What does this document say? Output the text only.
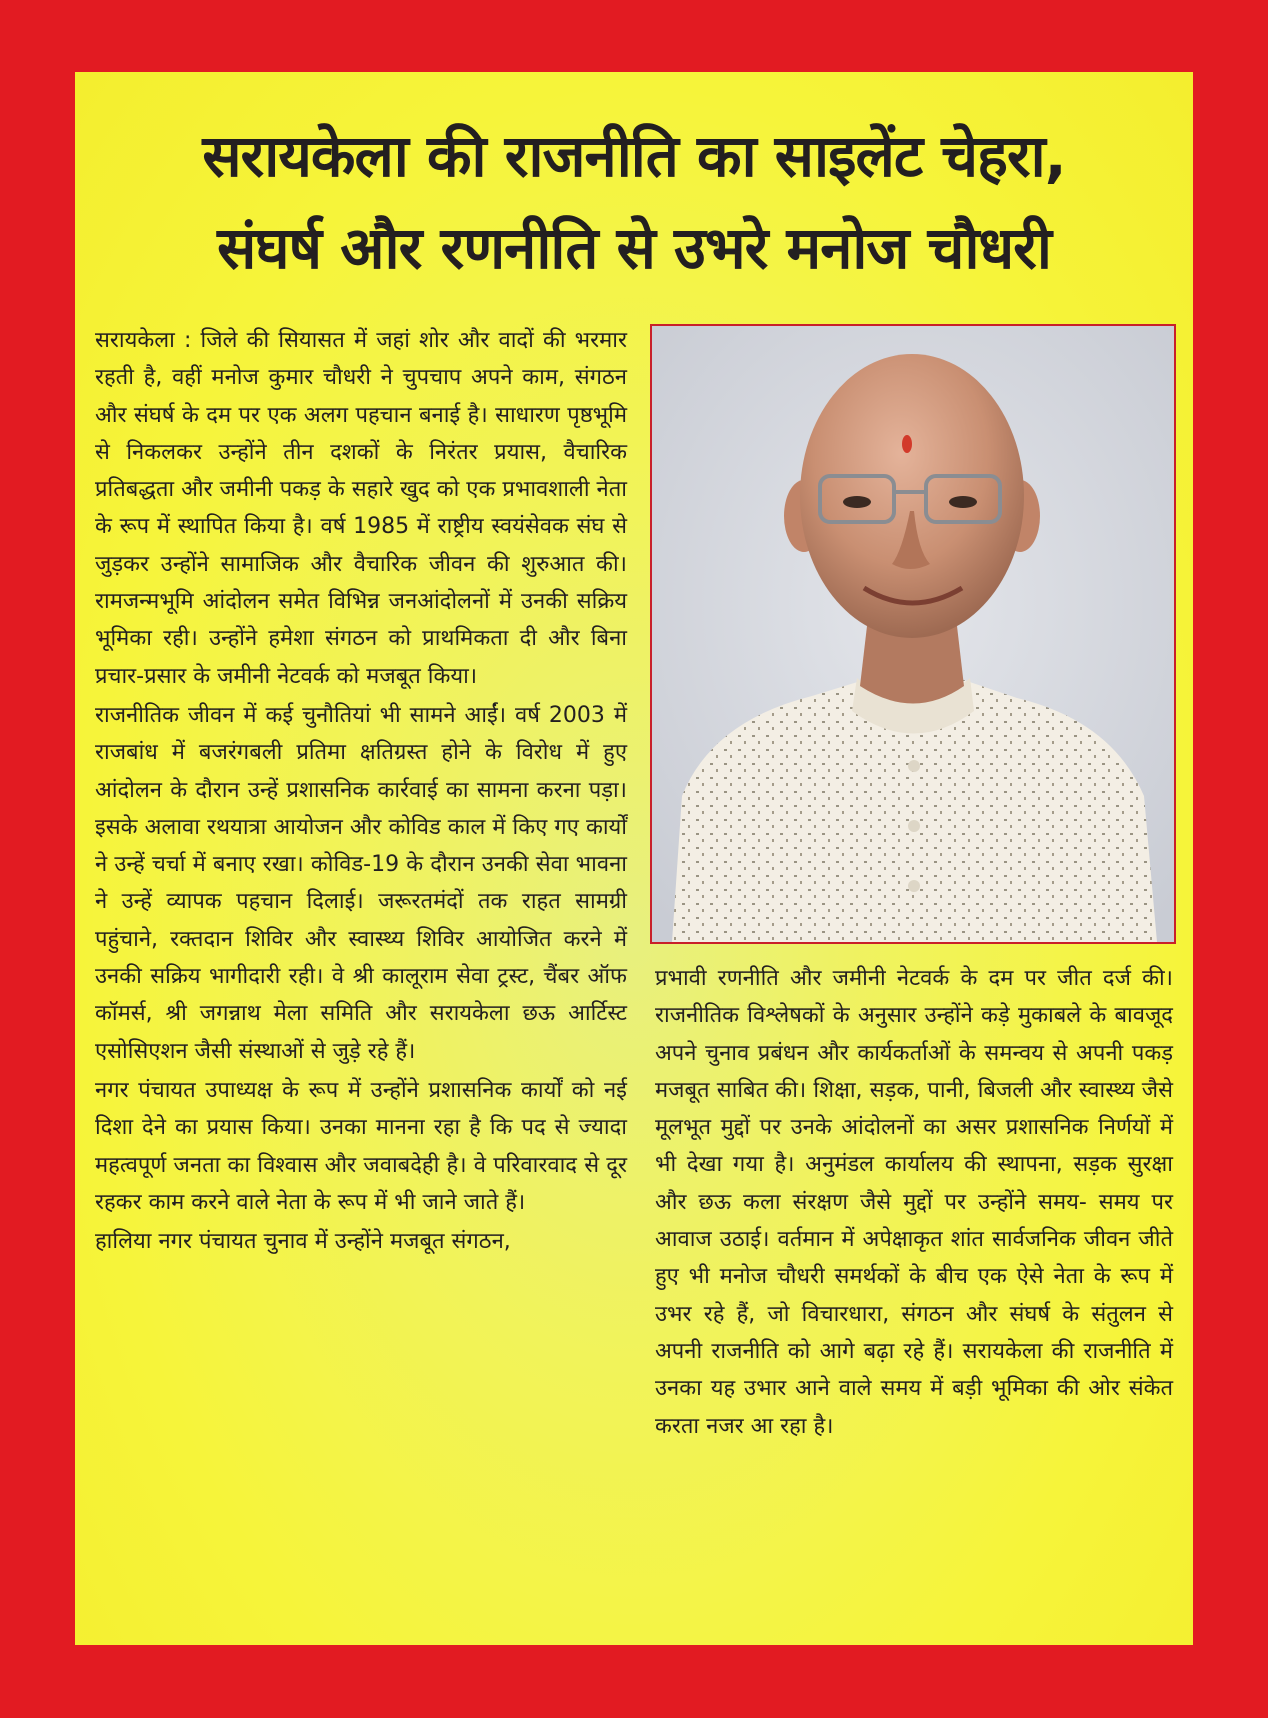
सरायकेला की राजनीति का साइलेंट चेहरा,
संघर्ष और रणनीति से उभरे मनोज चौधरी

सरायकेला : जिले की सियासत में जहां शोर और वादों की भरमार रहती है, वहीं मनोज कुमार चौधरी ने चुपचाप अपने काम, संगठन और संघर्ष के दम पर एक अलग पहचान बनाई है। साधारण पृष्ठभूमि से निकलकर उन्होंने तीन दशकों के निरंतर प्रयास, वैचारिक प्रतिबद्धता और जमीनी पकड़ के सहारे खुद को एक प्रभावशाली नेता के रूप में स्थापित किया है। वर्ष 1985 में राष्ट्रीय स्वयंसेवक संघ से जुड़कर उन्होंने सामाजिक और वैचारिक जीवन की शुरुआत की। रामजन्मभूमि आंदोलन समेत विभिन्न जनआंदोलनों में उनकी सक्रिय भूमिका रही। उन्होंने हमेशा संगठन को प्राथमिकता दी और बिना प्रचार-प्रसार के जमीनी नेटवर्क को मजबूत किया।

राजनीतिक जीवन में कई चुनौतियां भी सामने आईं। वर्ष 2003 में राजबांध में बजरंगबली प्रतिमा क्षतिग्रस्त होने के विरोध में हुए आंदोलन के दौरान उन्हें प्रशासनिक कार्रवाई का सामना करना पड़ा। इसके अलावा रथयात्रा आयोजन और कोविड काल में किए गए कार्यों ने उन्हें चर्चा में बनाए रखा। कोविड-19 के दौरान उनकी सेवा भावना ने उन्हें व्यापक पहचान दिलाई। जरूरतमंदों तक राहत सामग्री पहुंचाने, रक्तदान शिविर और स्वास्थ्य शिविर आयोजित करने में उनकी सक्रिय भागीदारी रही। वे श्री कालूराम सेवा ट्रस्ट, चैंबर ऑफ कॉमर्स, श्री जगन्नाथ मेला समिति और सरायकेला छऊ आर्टिस्ट एसोसिएशन जैसी संस्थाओं से जुड़े रहे हैं।

नगर पंचायत उपाध्यक्ष के रूप में उन्होंने प्रशासनिक कार्यों को नई दिशा देने का प्रयास किया। उनका मानना रहा है कि पद से ज्यादा महत्वपूर्ण जनता का विश्वास और जवाबदेही है। वे परिवारवाद से दूर रहकर काम करने वाले नेता के रूप में भी जाने जाते हैं।

हालिया नगर पंचायत चुनाव में उन्होंने मजबूत संगठन,

प्रभावी रणनीति और जमीनी नेटवर्क के दम पर जीत दर्ज की। राजनीतिक विश्लेषकों के अनुसार उन्होंने कड़े मुकाबले के बावजूद अपने चुनाव प्रबंधन और कार्यकर्ताओं के समन्वय से अपनी पकड़ मजबूत साबित की। शिक्षा, सड़क, पानी, बिजली और स्वास्थ्य जैसे मूलभूत मुद्दों पर उनके आंदोलनों का असर प्रशासनिक निर्णयों में भी देखा गया है। अनुमंडल कार्यालय की स्थापना, सड़क सुरक्षा और छऊ कला संरक्षण जैसे मुद्दों पर उन्होंने समय- समय पर आवाज उठाई। वर्तमान में अपेक्षाकृत शांत सार्वजनिक जीवन जीते हुए भी मनोज चौधरी समर्थकों के बीच एक ऐसे नेता के रूप में उभर रहे हैं, जो विचारधारा, संगठन और संघर्ष के संतुलन से अपनी राजनीति को आगे बढ़ा रहे हैं। सरायकेला की राजनीति में उनका यह उभार आने वाले समय में बड़ी भूमिका की ओर संकेत करता नजर आ रहा है।
